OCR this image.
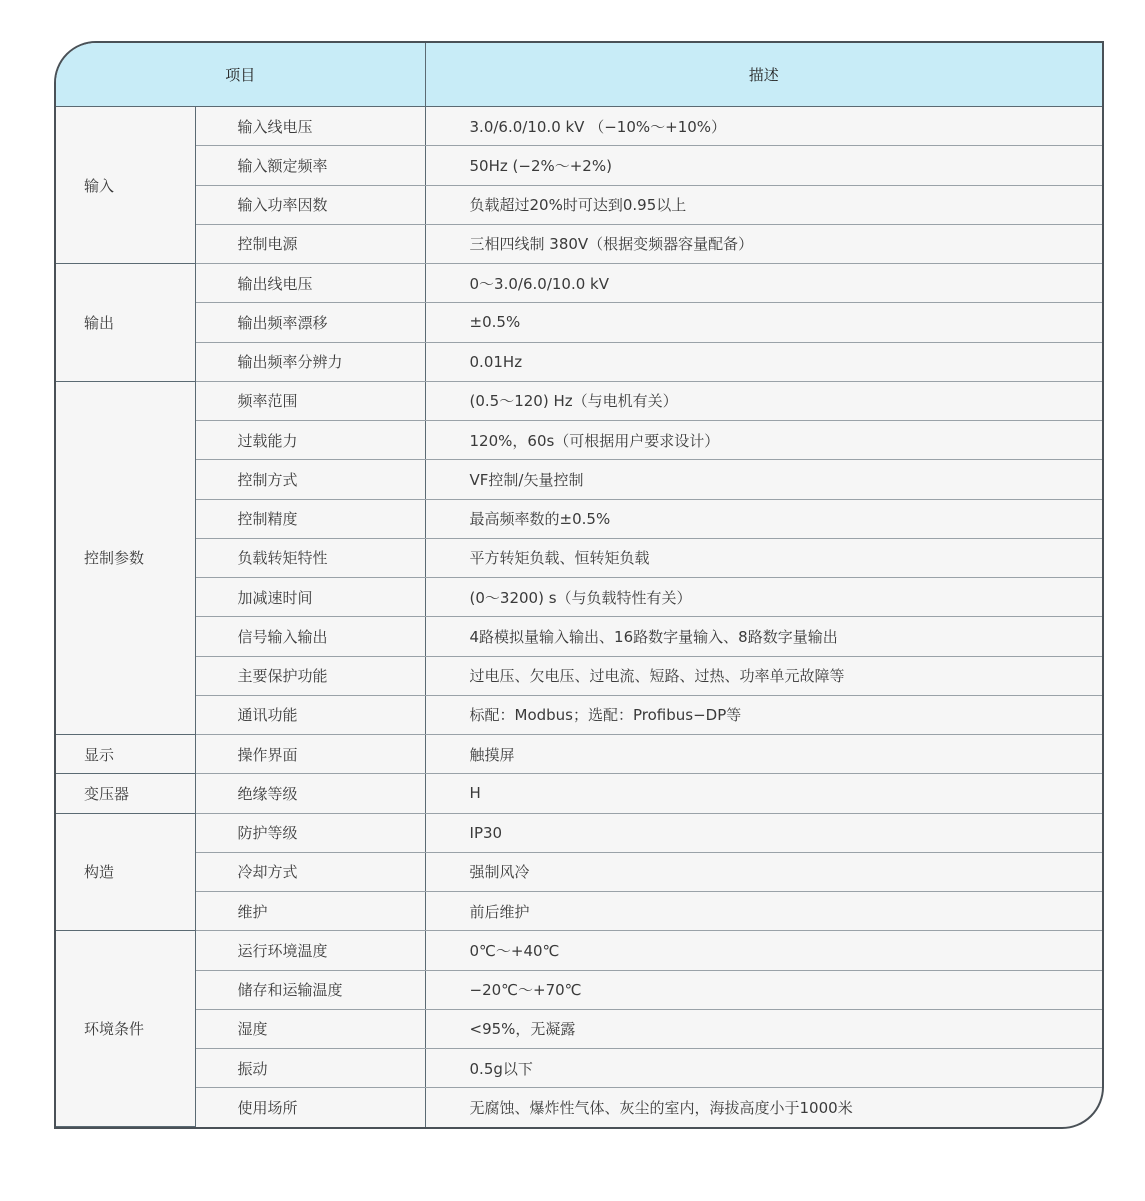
项目		描述
输入	输入线电压	3.0/6.0/10.0 kV （−10%～+10%）
	输入额定频率	50Hz (−2%～+2%)
	输入功率因数	负载超过20%时可达到0.95以上
	控制电源	三相四线制 380V（根据变频器容量配备）
输出	输出线电压	0～3.0/6.0/10.0 kV
	输出频率漂移	±0.5%
	输出频率分辨力	0.01Hz
控制参数	频率范围	(0.5～120) Hz（与电机有关）
	过载能力	120%，60s（可根据用户要求设计）
	控制方式	VF控制/矢量控制
	控制精度	最高频率数的±0.5%
	负载转矩特性	平方转矩负载、恒转矩负载
	加减速时间	(0～3200) s（与负载特性有关）
	信号输入输出	4路模拟量输入输出、16路数字量输入、8路数字量输出
	主要保护功能	过电压、欠电压、过电流、短路、过热、功率单元故障等
	通讯功能	标配：Modbus；选配：Profibus−DP等
显示	操作界面	触摸屏
变压器	绝缘等级	H
构造	防护等级	IP30
	冷却方式	强制风冷
	维护	前后维护
环境条件	运行环境温度	0℃～+40℃
	储存和运输温度	−20℃～+70℃
	湿度	<95%，无凝露
	振动	0.5g以下
	使用场所	无腐蚀、爆炸性气体、灰尘的室内，海拔高度小于1000米
